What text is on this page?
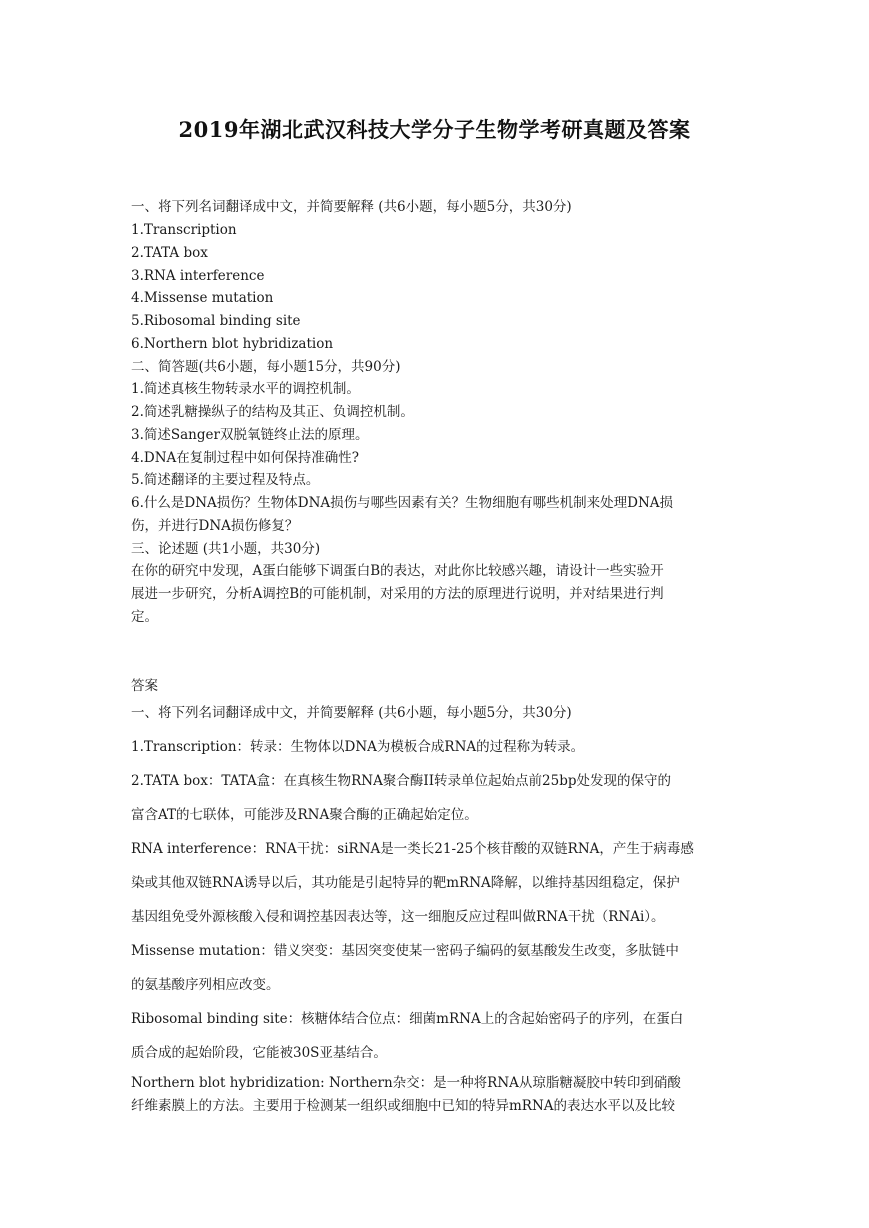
2019年湖北武汉科技大学分子生物学考研真题及答案
一、将下列名词翻译成中文，并简要解释 (共6小题，每小题5分，共30分)
1.Transcription
2.TATA box
3.RNA interference
4.Missense mutation
5.Ribosomal binding site
6.Northern blot hybridization
二、简答题(共6小题，每小题15分，共90分)
1.简述真核生物转录水平的调控机制。
2.简述乳糖操纵子的结构及其正、负调控机制。
3.简述Sanger双脱氧链终止法的原理。
4.DNA在复制过程中如何保持准确性?
5.简述翻译的主要过程及特点。
6.什么是DNA损伤？生物体DNA损伤与哪些因素有关？生物细胞有哪些机制来处理DNA损
伤，并进行DNA损伤修复？
三、论述题 (共1小题，共30分)
在你的研究中发现，A蛋白能够下调蛋白B的表达，对此你比较感兴趣，请设计一些实验开
展进一步研究，分析A调控B的可能机制，对采用的方法的原理进行说明，并对结果进行判
定。
答案
一、将下列名词翻译成中文，并简要解释 (共6小题，每小题5分，共30分)
1.Transcription：转录：生物体以DNA为模板合成RNA的过程称为转录。
2.TATA box：TATA盒：在真核生物RNA聚合酶II转录单位起始点前25bp处发现的保守的
富含AT的七联体，可能涉及RNA聚合酶的正确起始定位。
RNA interference：RNA干扰：siRNA是一类长21-25个核苷酸的双链RNA，产生于病毒感
染或其他双链RNA诱导以后，其功能是引起特异的靶mRNA降解，以维持基因组稳定，保护
基因组免受外源核酸入侵和调控基因表达等，这一细胞反应过程叫做RNA干扰（RNAi）。
Missense mutation：错义突变：基因突变使某一密码子编码的氨基酸发生改变，多肽链中
的氨基酸序列相应改变。
Ribosomal binding site：核糖体结合位点：细菌mRNA上的含起始密码子的序列，在蛋白
质合成的起始阶段，它能被30S亚基结合。
Northern blot hybridization: Northern杂交：是一种将RNA从琼脂糖凝胶中转印到硝酸
纤维素膜上的方法。主要用于检测某一组织或细胞中已知的特异mRNA的表达水平以及比较
